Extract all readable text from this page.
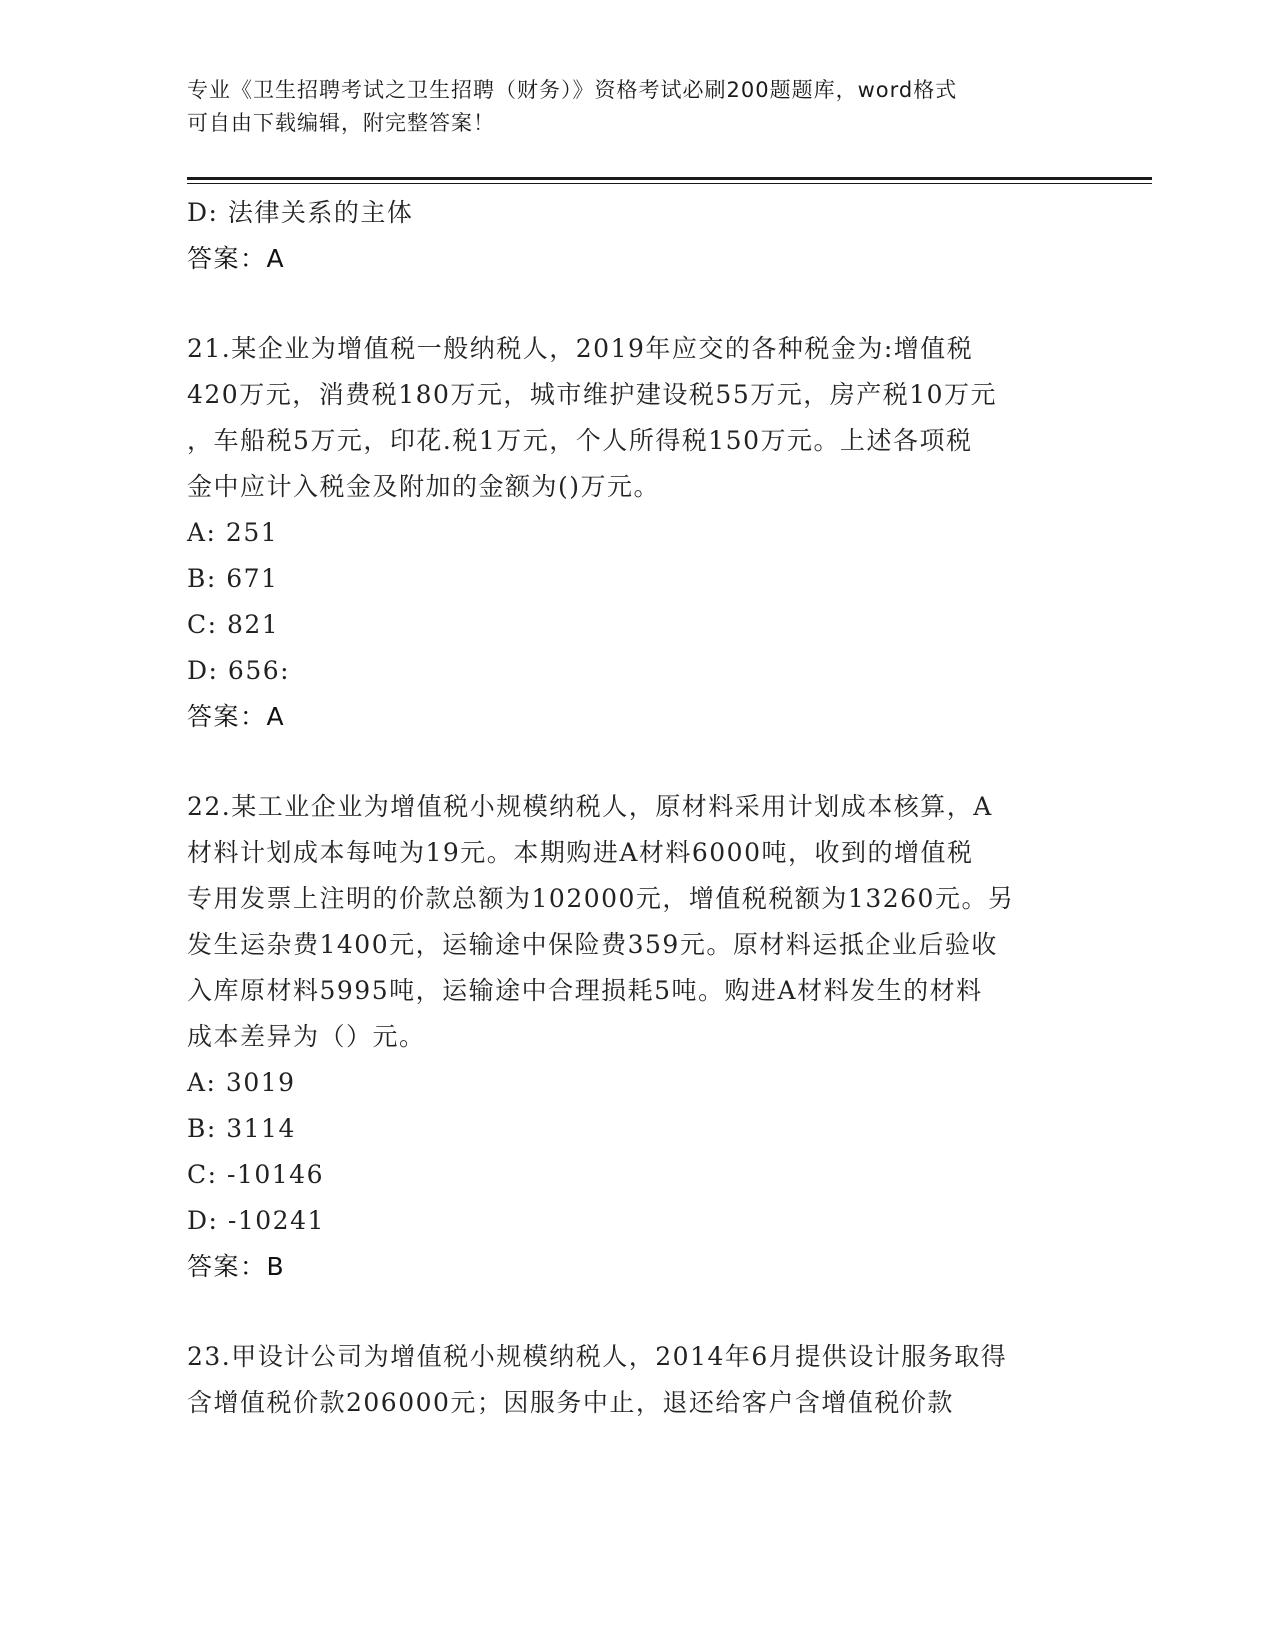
专业《卫生招聘考试之卫生招聘（财务）》资格考试必刷200题题库，word格式
可自由下载编辑，附完整答案！
D: 法律关系的主体
答案：A
21.某企业为增值税一般纳税人，2019年应交的各种税金为:增值税
420万元，消费税180万元，城市维护建设税55万元，房产税10万元
，车船税5万元，印花.税1万元，个人所得税150万元。上述各项税
金中应计入税金及附加的金额为()万元。
A: 251
B: 671
C: 821
D: 656:
答案：A
22.某工业企业为增值税小规模纳税人，原材料采用计划成本核算，A
材料计划成本每吨为19元。本期购进A材料6000吨，收到的增值税
专用发票上注明的价款总额为102000元，增值税税额为13260元。另
发生运杂费1400元，运输途中保险费359元。原材料运抵企业后验收
入库原材料5995吨，运输途中合理损耗5吨。购进A材料发生的材料
成本差异为（）元。
A: 3019
B: 3114
C: -10146
D: -10241
答案：B
23.甲设计公司为增值税小规模纳税人，2014年6月提供设计服务取得
含增值税价款206000元；因服务中止，退还给客户含增值税价款
